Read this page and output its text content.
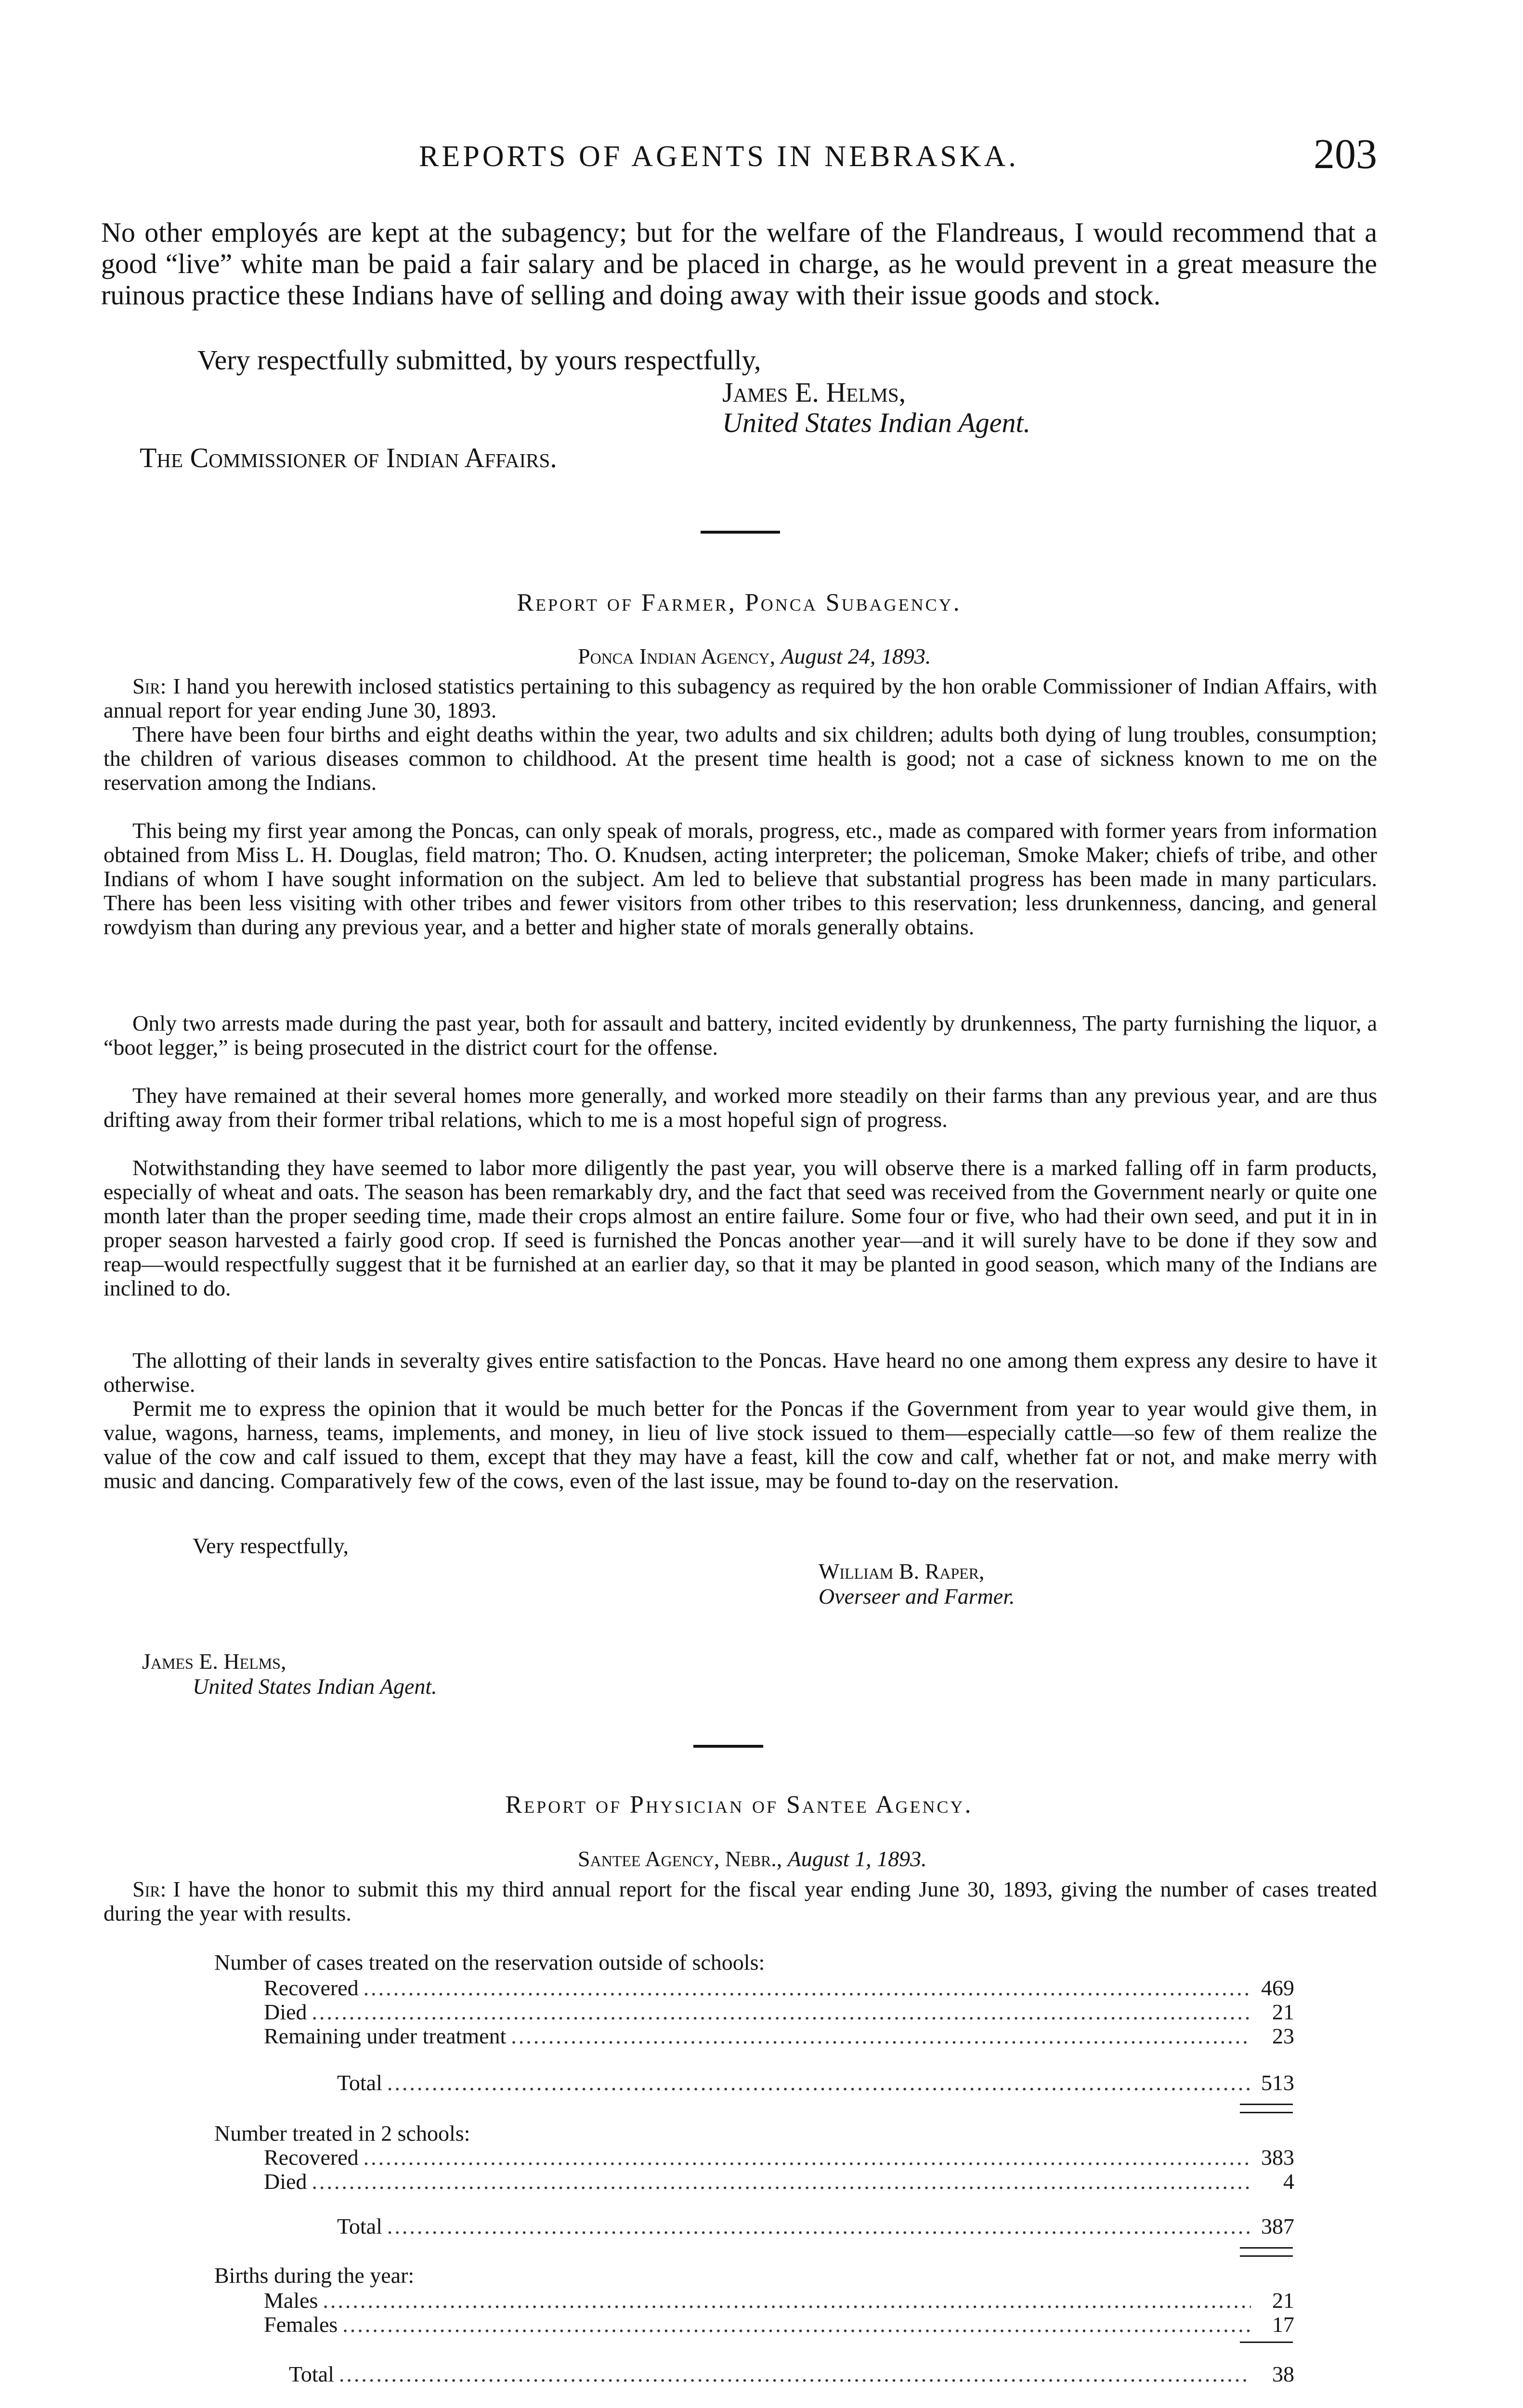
REPORTS OF AGENTS IN NEBRASKA.	203

No other employés are kept at the subagency; but for the welfare of the Flandreaus, I would recommend that a good “live” white man be paid a fair salary and be placed in charge, as he would prevent in a great measure the ruinous practice these Indians have of selling and doing away with their issue goods and stock.

Very respectfully submitted, by yours respectfully,

James E. Helms,

United States Indian Agent.

The Commissioner of Indian Affairs.

Report of Farmer, Ponca Subagency.
Ponca Indian Agency, August 24, 1893.

Sir: I hand you herewith inclosed statistics pertaining to this subagency as required by the hon orable Commissioner of Indian Affairs, with annual report for year ending June 30, 1893.

There have been four births and eight deaths within the year, two adults and six children; adults both dying of lung troubles, consumption; the children of various diseases common to childhood. At the present time health is good; not a case of sickness known to me on the reservation among the Indians.

This being my first year among the Poncas, can only speak of morals, progress, etc., made as compared with former years from information obtained from Miss L. H. Douglas, field matron; Tho. O. Knudsen, acting interpreter; the policeman, Smoke Maker; chiefs of tribe, and other Indians of whom I have sought information on the subject. Am led to believe that substantial progress has been made in many particulars. There has been less visiting with other tribes and fewer visitors from other tribes to this reservation; less drunkenness, dancing, and general rowdyism than during any previous year, and a better and higher state of morals generally obtains.

Only two arrests made during the past year, both for assault and battery, incited evidently by drunkenness, The party furnishing the liquor, a “boot legger,” is being prosecuted in the district court for the offense.

They have remained at their several homes more generally, and worked more steadily on their farms than any previous year, and are thus drifting away from their former tribal relations, which to me is a most hopeful sign of progress.

Notwithstanding they have seemed to labor more diligently the past year, you will observe there is a marked falling off in farm products, especially of wheat and oats. The season has been remarkably dry, and the fact that seed was received from the Government nearly or quite one month later than the proper seeding time, made their crops almost an entire failure. Some four or five, who had their own seed, and put it in in proper season harvested a fairly good crop. If seed is furnished the Poncas another year—and it will surely have to be done if they sow and reap—would respectfully suggest that it be furnished at an earlier day, so that it may be planted in good season, which many of the Indians are inclined to do.

The allotting of their lands in severalty gives entire satisfaction to the Poncas. Have heard no one among them express any desire to have it otherwise.

Permit me to express the opinion that it would be much better for the Poncas if the Government from year to year would give them, in value, wagons, harness, teams, implements, and money, in lieu of live stock issued to them—especially cattle—so few of them realize the value of the cow and calf issued to them, except that they may have a feast, kill the cow and calf, whether fat or not, and make merry with music and dancing. Comparatively few of the cows, even of the last issue, may be found to-day on the reservation.

Very respectfully,

William B. Raper,

Overseer and Farmer.

James E. Helms,

United States Indian Agent.

Report of Physician of Santee Agency.
Santee Agency, Nebr., August 1, 1893.

Sir: I have the honor to submit this my third annual report for the fiscal year ending June 30, 1893, giving the number of cases treated during the year with results.

Number of cases treated on the reservation outside of schools:
Recovered .....	469
Died .....	21
Remaining under treatment .....	23
Total .....	513
Number treated in 2 schools:
Recovered .....	383
Died .....	4
Total .....	387
Births during the year:
Males .....	21
Females .....	17
Total .....	38
